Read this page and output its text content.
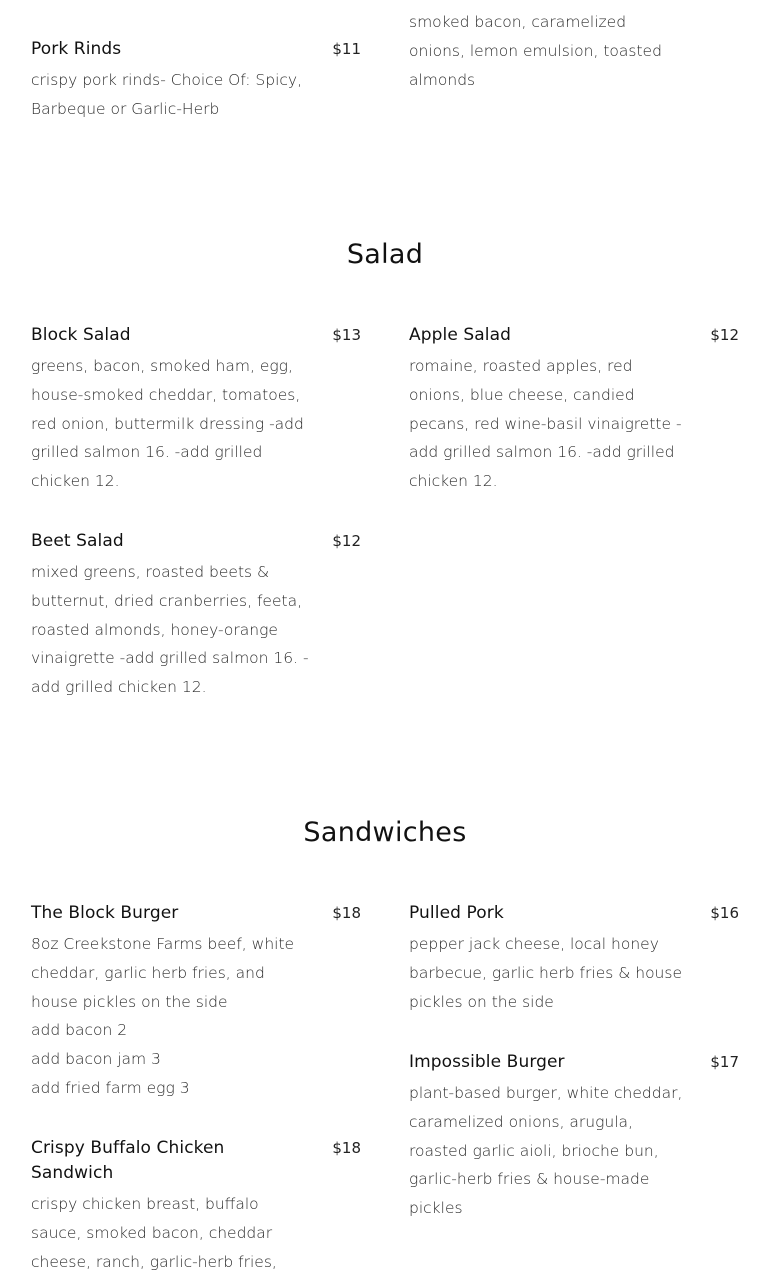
smoked bacon, caramelized
onions, lemon emulsion, toasted
almonds
Pork Rinds	$11
crispy pork rinds- Choice Of: Spicy,
Barbeque or Garlic-Herb
Salad
Block Salad	$13
greens, bacon, smoked ham, egg,
house-smoked cheddar, tomatoes,
red onion, buttermilk dressing -add
grilled salmon 16. -add grilled
chicken 12.
Apple Salad	$12
romaine, roasted apples, red
onions, blue cheese, candied
pecans, red wine-basil vinaigrette -
add grilled salmon 16. -add grilled
chicken 12.
Beet Salad	$12
mixed greens, roasted beets &
butternut, dried cranberries, feeta,
roasted almonds, honey-orange
vinaigrette -add grilled salmon 16. -
add grilled chicken 12.
Sandwiches
The Block Burger	$18
8oz Creekstone Farms beef, white
cheddar, garlic herb fries, and
house pickles on the side
add bacon 2
add bacon jam 3
add fried farm egg 3
Pulled Pork	$16
pepper jack cheese, local honey
barbecue, garlic herb fries & house
pickles on the side
Impossible Burger	$17
plant-based burger, white cheddar,
caramelized onions, arugula,
roasted garlic aioli, brioche bun,
garlic-herb fries & house-made
pickles
Crispy Buffalo Chicken
Sandwich
$18
crispy chicken breast, buffalo
sauce, smoked bacon, cheddar
cheese, ranch, garlic-herb fries,
